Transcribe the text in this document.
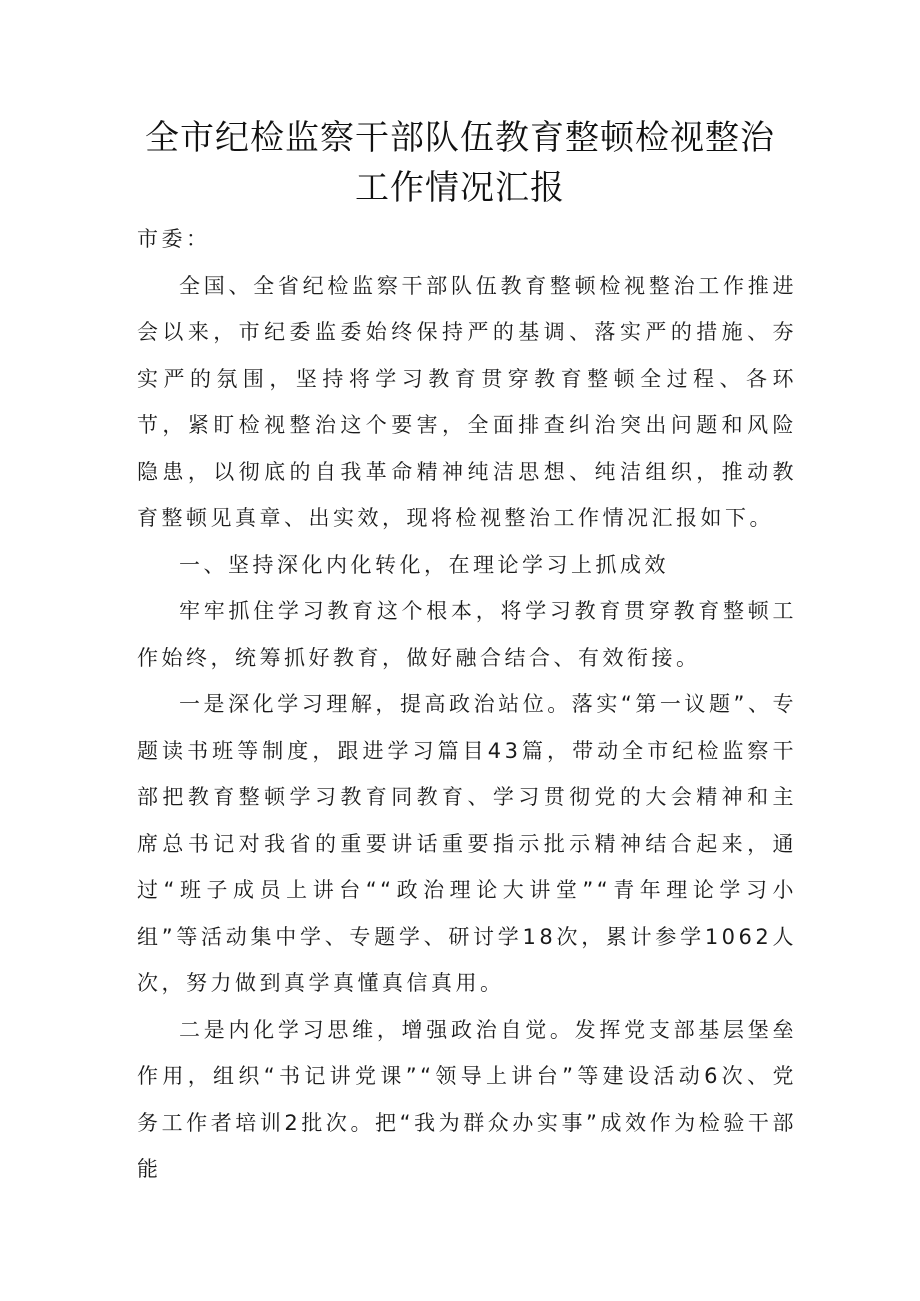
全市纪检监察干部队伍教育整顿检视整治
工作情况汇报

市委：

全国、全省纪检监察干部队伍教育整顿检视整治工作推进会以来，市纪委监委始终保持严的基调、落实严的措施、夯实严的氛围，坚持将学习教育贯穿教育整顿全过程、各环节，紧盯检视整治这个要害，全面排查纠治突出问题和风险隐患，以彻底的自我革命精神纯洁思想、纯洁组织，推动教育整顿见真章、出实效，现将检视整治工作情况汇报如下。

一、坚持深化内化转化，在理论学习上抓成效

牢牢抓住学习教育这个根本，将学习教育贯穿教育整顿工作始终，统筹抓好教育，做好融合结合、有效衔接。

一是深化学习理解，提高政治站位。落实“第一议题”、专题读书班等制度，跟进学习篇目43篇，带动全市纪检监察干部把教育整顿学习教育同教育、学习贯彻党的大会精神和主席总书记对我省的重要讲话重要指示批示精神结合起来，通过“班子成员上讲台““政治理论大讲堂”“青年理论学习小组”等活动集中学、专题学、研讨学18次，累计参学1062人次，努力做到真学真懂真信真用。

二是内化学习思维，增强政治自觉。发挥党支部基层堡垒作用，组织“书记讲党课”“领导上讲台”等建设活动6次、党务工作者培训2批次。把“我为群众办实事”成效作为检验干部能
